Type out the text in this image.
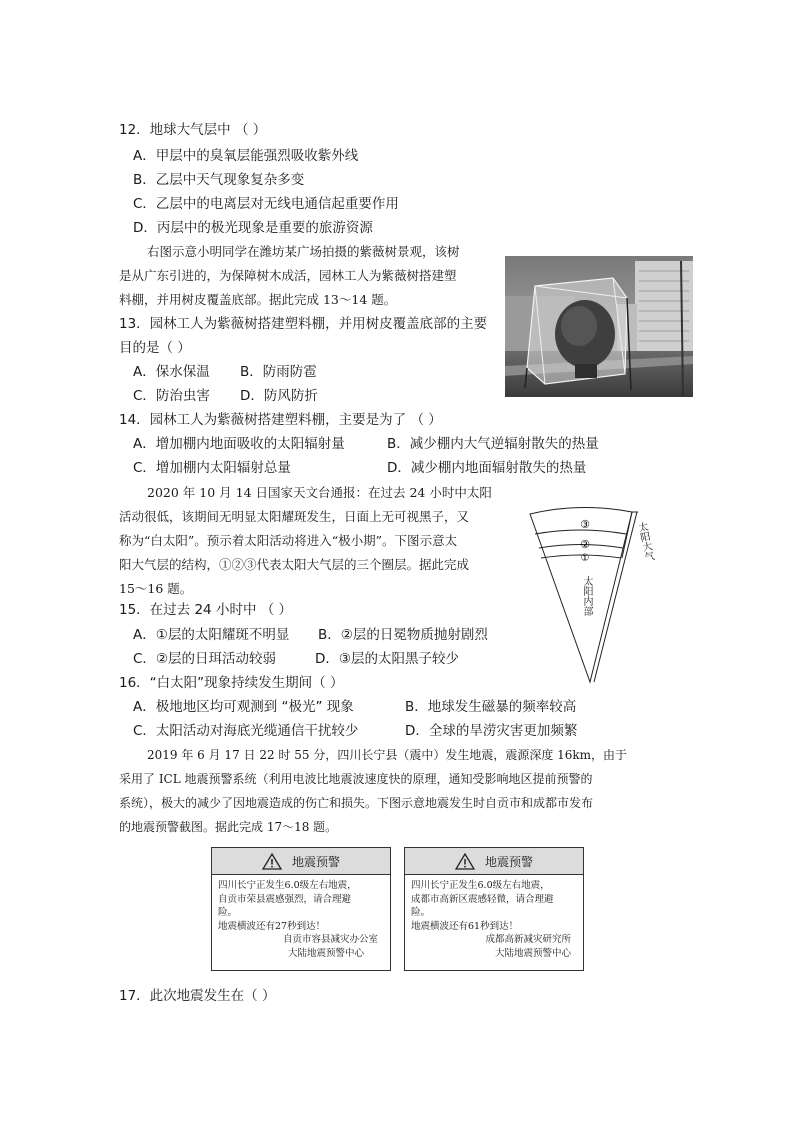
12．地球大气层中 （ ）
A．甲层中的臭氧层能强烈吸收紫外线
B．乙层中天气现象复杂多变
C．乙层中的电离层对无线电通信起重要作用
D．丙层中的极光现象是重要的旅游资源
右图示意小明同学在潍坊某广场拍摄的紫薇树景观，该树
是从广东引进的，为保障树木成活，园林工人为紫薇树搭建塑
料棚，并用树皮覆盖底部。据此完成 13～14 题。
13．园林工人为紫薇树搭建塑料棚，并用树皮覆盖底部的主要
目的是（ ）
A．保水保温 B．防雨防雹
C．防治虫害 D．防风防折
14．园林工人为紫薇树搭建塑料棚，主要是为了 （ ）
A．增加棚内地面吸收的太阳辐射量	B．减少棚内大气逆辐射散失的热量
C．增加棚内太阳辐射总量	D．减少棚内地面辐射散失的热量
2020 年 10 月 14 日国家天文台通报：在过去 24 小时中太阳
活动很低，该期间无明显太阳耀斑发生，日面上无可视黑子，又
称为“白太阳”。预示着太阳活动将进入“极小期”。下图示意太
阳大气层的结构，①②③代表太阳大气层的三个圈层。据此完成
15～16 题。
③
②
①	太阳大气
太阳内部
15．在过去 24 小时中 （ ）
A．①层的太阳耀斑不明显 B．②层的日冕物质抛射剧烈
C．②层的日珥活动较弱	D．③层的太阳黑子较少
16．“白太阳”现象持续发生期间（ ）
A．极地地区均可观测到 “极光” 现象	B．地球发生磁暴的频率较高
C．太阳活动对海底光缆通信干扰较少	D．全球的旱涝灾害更加频繁
2019 年 6 月 17 日 22 时 55 分，四川长宁县（震中）发生地震，震源深度 16km，由于
采用了 ICL 地震预警系统（利用电波比地震波速度快的原理，通知受影响地区提前预警的
系统），极大的减少了因地震造成的伤亡和损失。下图示意地震发生时自贡市和成都市发布
的地震预警截图。据此完成 17～18 题。
地震预警
四川长宁正发生6.0级左右地震，
自贡市荣县震感强烈，请合理避
险。
地震横波还有27秒到达！
自贡市容县减灾办公室
大陆地震预警中心
地震预警
四川长宁正发生6.0级左右地震，
成都市高新区震感轻微，请合理避
险。
地震横波还有61秒到达！
成都高新减灾研究所
大陆地震预警中心
17．此次地震发生在（ ）
